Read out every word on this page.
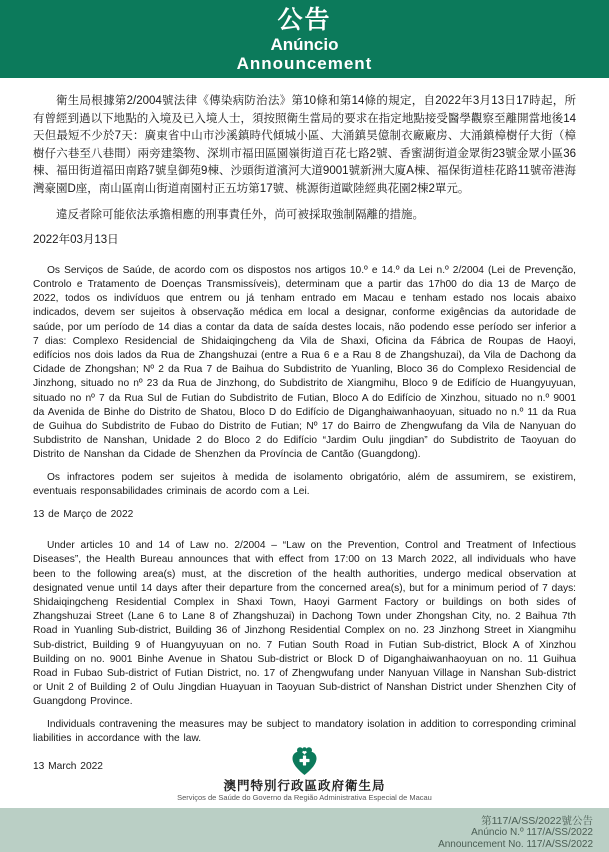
公告
Anúncio
Announcement

衛生局根據第2/2004號法律《傳染病防治法》第10條和第14條的規定，自2022年3月13日17時起，所有曾經到過以下地點的入境及已入境人士，須按照衛生當局的要求在指定地點接受醫學觀察至離開當地後14天但最短不少於7天：廣東省中山市沙溪鎮時代傾城小區、大涌鎮昊億制衣廠廠房、大涌鎮樟樹仔大街（樟樹仔六巷至八巷間）兩旁建築物、深圳市福田區園嶺街道百花七路2號、香蜜湖街道金眾街23號金眾小區36棟、福田街道福田南路7號皇御苑9棟、沙頭街道濱河大道9001號新洲大廈A棟、福保街道桂花路11號帝港海灣豪園D座，南山區南山街道南園村正五坊第17號、桃源街道歐陸經典花園2棟2單元。

違反者除可能依法承擔相應的刑事責任外，尚可被採取強制隔離的措施。

2022年03月13日

Os Serviços de Saúde, de acordo com os dispostos nos artigos 10.º e 14.º da Lei n.º 2/2004 (Lei de Prevenção, Controlo e Tratamento de Doenças Transmissíveis), determinam que a partir das 17h00 do dia 13 de Março de 2022, todos os indivíduos que entrem ou já tenham entrado em Macau e tenham estado nos locais abaixo indicados, devem ser sujeitos à observação médica em local a designar, conforme exigências da autoridade de saúde, por um período de 14 dias a contar da data de saída destes locais, não podendo esse período ser inferior a 7 dias: Complexo Residencial de Shidaiqingcheng da Vila de Shaxi, Oficina da Fábrica de Roupas de Haoyi, edifícios nos dois lados da Rua de Zhangshuzai (entre a Rua 6 e a Rau 8 de Zhangshuzai), da Vila de Dachong da Cidade de Zhongshan; Nº 2 da Rua 7 de Baihua do Subdistrito de Yuanling, Bloco 36 do Complexo Residencial de Jinzhong, situado no nº 23 da Rua de Jinzhong, do Subdistrito de Xiangmihu, Bloco 9 de Edifício de Huangyuyuan, situado no nº 7 da Rua Sul de Futian do Subdistrito de Futian, Bloco A do Edifício de Xinzhou, situado no n.º 9001 da Avenida de Binhe do Distrito de Shatou, Bloco D do Edifício de Diganghaiwanhaoyuan, situado no n.º 11 da Rua de Guihua do Subdistrito de Fubao do Distrito de Futian; Nº 17 do Bairro de Zhengwufang da Vila de Nanyuan do Subdistrito de Nanshan, Unidade 2 do Bloco 2 do Edifício “Jardim Oulu jingdian” do Subdistrito de Taoyuan do Distrito de Nanshan da Cidade de Shenzhen da Província de Cantão (Guangdong).

Os infractores podem ser sujeitos à medida de isolamento obrigatório, além de assumirem, se existirem, eventuais responsabilidades criminais de acordo com a Lei.

13 de Março de 2022

Under articles 10 and 14 of Law no. 2/2004 – “Law on the Prevention, Control and Treatment of Infectious Diseases”, the Health Bureau announces that with effect from 17:00 on 13 March 2022, all individuals who have been to the following area(s) must, at the discretion of the health authorities, undergo medical observation at designated venue until 14 days after their departure from the concerned area(s), but for a minimum period of 7 days: Shidaiqingcheng Residential Complex in Shaxi Town, Haoyi Garment Factory or buildings on both sides of Zhangshuzai Street (Lane 6 to Lane 8 of Zhangshuzai) in Dachong Town under Zhongshan City, no. 2 Baihua 7th Road in Yuanling Sub-district, Building 36 of Jinzhong Residential Complex on no. 23 Jinzhong Street in Xiangmihu Sub-district, Building 9 of Huangyuyuan on no. 7 Futian South Road in Futian Sub-district, Block A of Xinzhou Building on no. 9001 Binhe Avenue in Shatou Sub-district or Block D of Diganghaiwanhaoyuan on no. 11 Guihua Road in Fubao Sub-district of Futian District, no. 17 of Zhengwufang under Nanyuan Village in Nanshan Sub-district or Unit 2 of Building 2 of Oulu Jingdian Huayuan in Taoyuan Sub-district of Nanshan District under Shenzhen City of Guangdong Province.

Individuals contravening the measures may be subject to mandatory isolation in addition to corresponding criminal liabilities in accordance with the law.

13 March 2022

澳門特別行政區政府衛生局
Serviços de Saúde do Governo da Região Administrativa Especial de Macau
第117/A/SS/2022號公告
Anúncio N.º 117/A/SS/2022
Announcement No. 117/A/SS/2022
